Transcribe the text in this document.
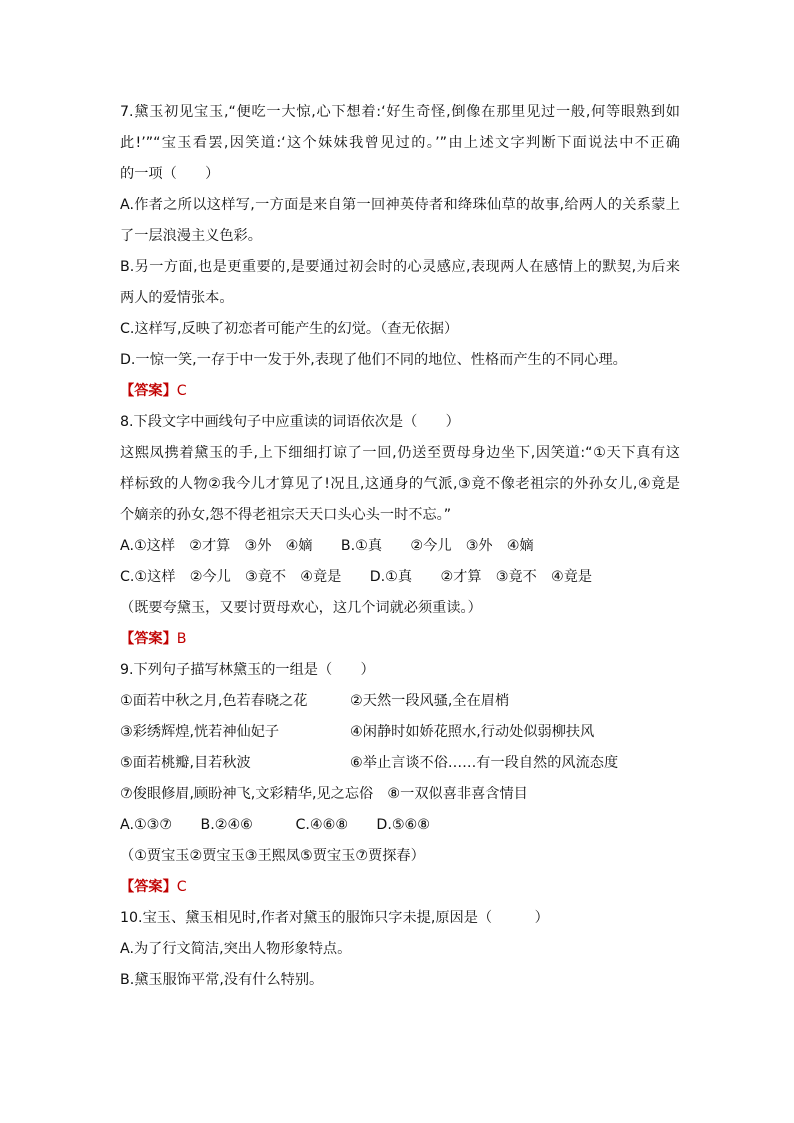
7.黛玉初见宝玉,“便吃一大惊,心下想着:‘好生奇怪,倒像在那里见过一般,何等眼熟到如
此!’”“宝玉看罢,因笑道:‘这个妹妹我曾见过的。’”由上述文字判断下面说法中不正确
的一项（　　）
A.作者之所以这样写,一方面是来自第一回神英侍者和绛珠仙草的故事,给两人的关系蒙上
了一层浪漫主义色彩。
B.另一方面,也是更重要的,是要通过初会时的心灵感应,表现两人在感情上的默契,为后来
两人的爱情张本。
C.这样写,反映了初恋者可能产生的幻觉。（查无依据）
D.一惊一笑,一存于中一发于外,表现了他们不同的地位、性格而产生的不同心理。
【答案】C
8.下段文字中画线句子中应重读的词语依次是（　　）
这熙凤携着黛玉的手,上下细细打谅了一回,仍送至贾母身边坐下,因笑道:“①天下真有这
样标致的人物②我今儿才算见了!况且,这通身的气派,③竟不像老祖宗的外孙女儿,④竟是
个嫡亲的孙女,怨不得老祖宗天天口头心头一时不忘。”
A.①这样　②才算　③外　④嫡　　B.①真　　②今儿　③外　④嫡
C.①这样　②今儿　③竟不　④竟是　　D.①真　　②才算　③竟不　④竟是
（既要夸黛玉，又要讨贾母欢心，这几个词就必须重读。）
【答案】B
9.下列句子描写林黛玉的一组是（　　）
①面若中秋之月,色若春晓之花　　　②天然一段风骚,全在眉梢
③彩绣辉煌,恍若神仙妃子　　　　　④闲静时如娇花照水,行动处似弱柳扶风
⑤面若桃瓣,目若秋波　　　　　　　⑥举止言谈不俗……有一段自然的风流态度
⑦俊眼修眉,顾盼神飞,文彩精华,见之忘俗　⑧一双似喜非喜含情目
A.①③⑦　　B.②④⑥　　　C.④⑥⑧　　D.⑤⑥⑧
（①贾宝玉②贾宝玉③王熙凤⑤贾宝玉⑦贾探春）
【答案】C
10.宝玉、黛玉相见时,作者对黛玉的服饰只字未提,原因是（　　　）
A.为了行文简洁,突出人物形象特点。
B.黛玉服饰平常,没有什么特别。
